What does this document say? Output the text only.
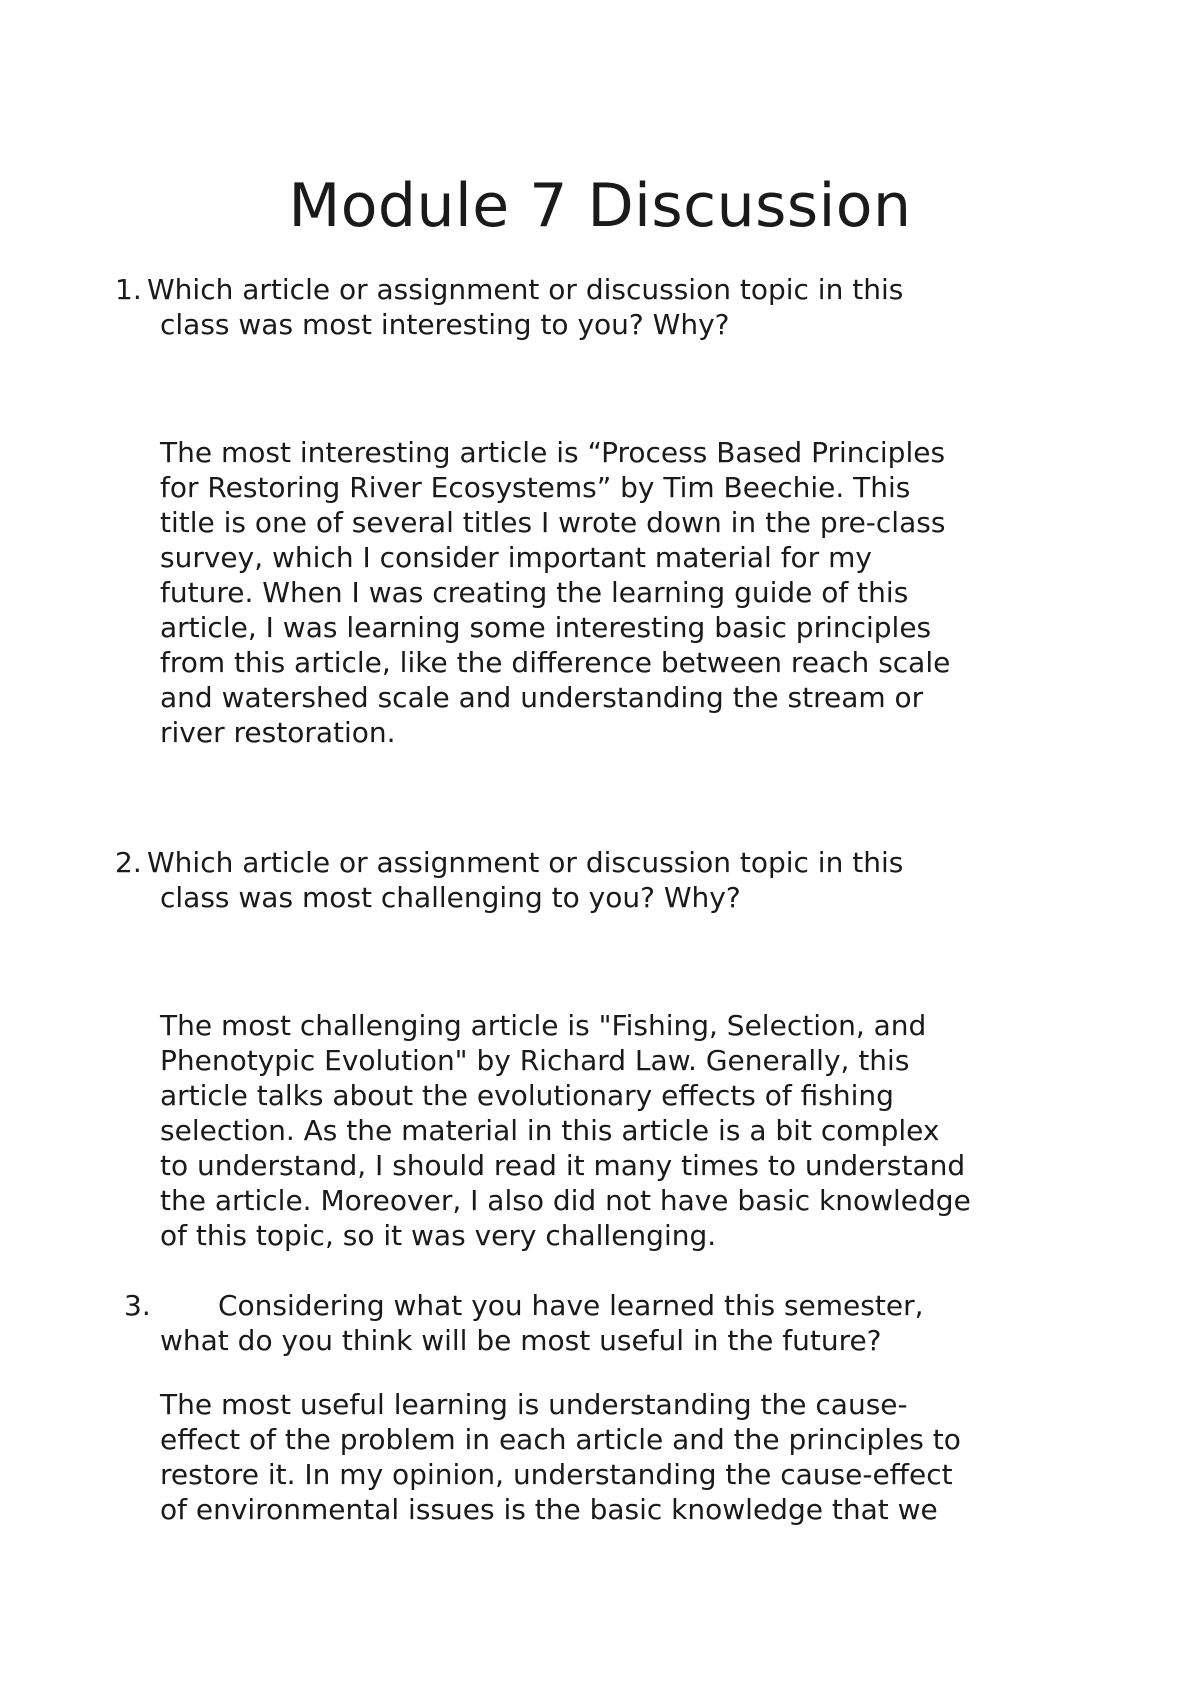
Module 7 Discussion
1. Which article or assignment or discussion topic in this
class was most interesting to you? Why?

The most interesting article is “Process Based Principles
for Restoring River Ecosystems” by Tim Beechie. This
title is one of several titles I wrote down in the pre-class
survey, which I consider important material for my
future. When I was creating the learning guide of this
article, I was learning some interesting basic principles
from this article, like the difference between reach scale
and watershed scale and understanding the stream or
river restoration.

2. Which article or assignment or discussion topic in this
class was most challenging to you? Why?

The most challenging article is "Fishing, Selection, and
Phenotypic Evolution" by Richard Law. Generally, this
article talks about the evolutionary effects of fishing
selection. As the material in this article is a bit complex
to understand, I should read it many times to understand
the article. Moreover, I also did not have basic knowledge
of this topic, so it was very challenging.

3. Considering what you have learned this semester,
what do you think will be most useful in the future?

The most useful learning is understanding the cause-
effect of the problem in each article and the principles to
restore it. In my opinion, understanding the cause-effect
of environmental issues is the basic knowledge that we
